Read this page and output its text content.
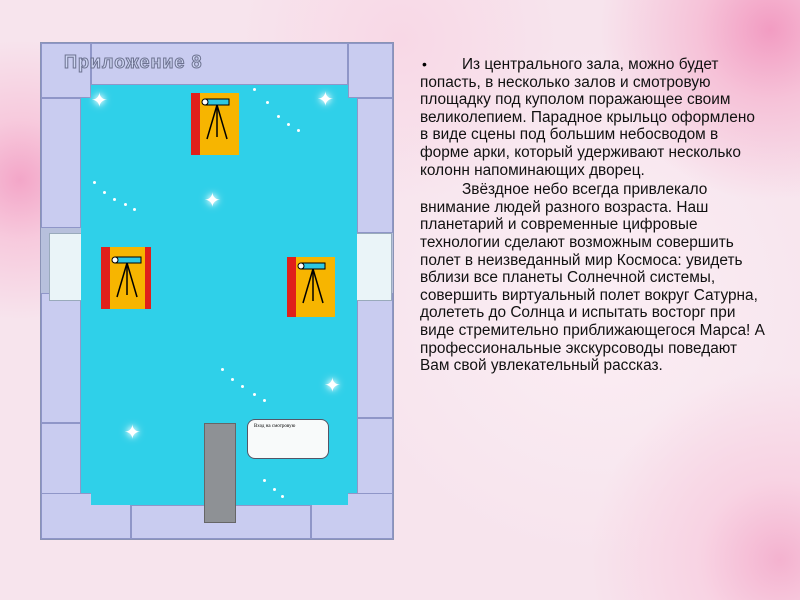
✦	✦
✦
✦
✦
Приложение 8
Вход на смотровую
•	Из центрального зала, можно будет попасть, в несколько залов и смотровую площадку под куполом поражающее своим великолепием. Парадное крыльцо оформлено в виде сцены под большим небосводом в форме арки, который удерживают несколько колонн напоминающих дворец.

Звёздное небо всегда привлекало внимание людей разного возраста. Наш планетарий и современные цифровые технологии сделают возможным совершить полет в неизведанный мир Космоса: увидеть вблизи все планеты Солнечной системы, совершить виртуальный полет вокруг Сатурна, долететь до Солнца и испытать восторг при виде стремительно приближающегося Марса! А профессиональные экскурсоводы поведают Вам свой увлекательный рассказ.
